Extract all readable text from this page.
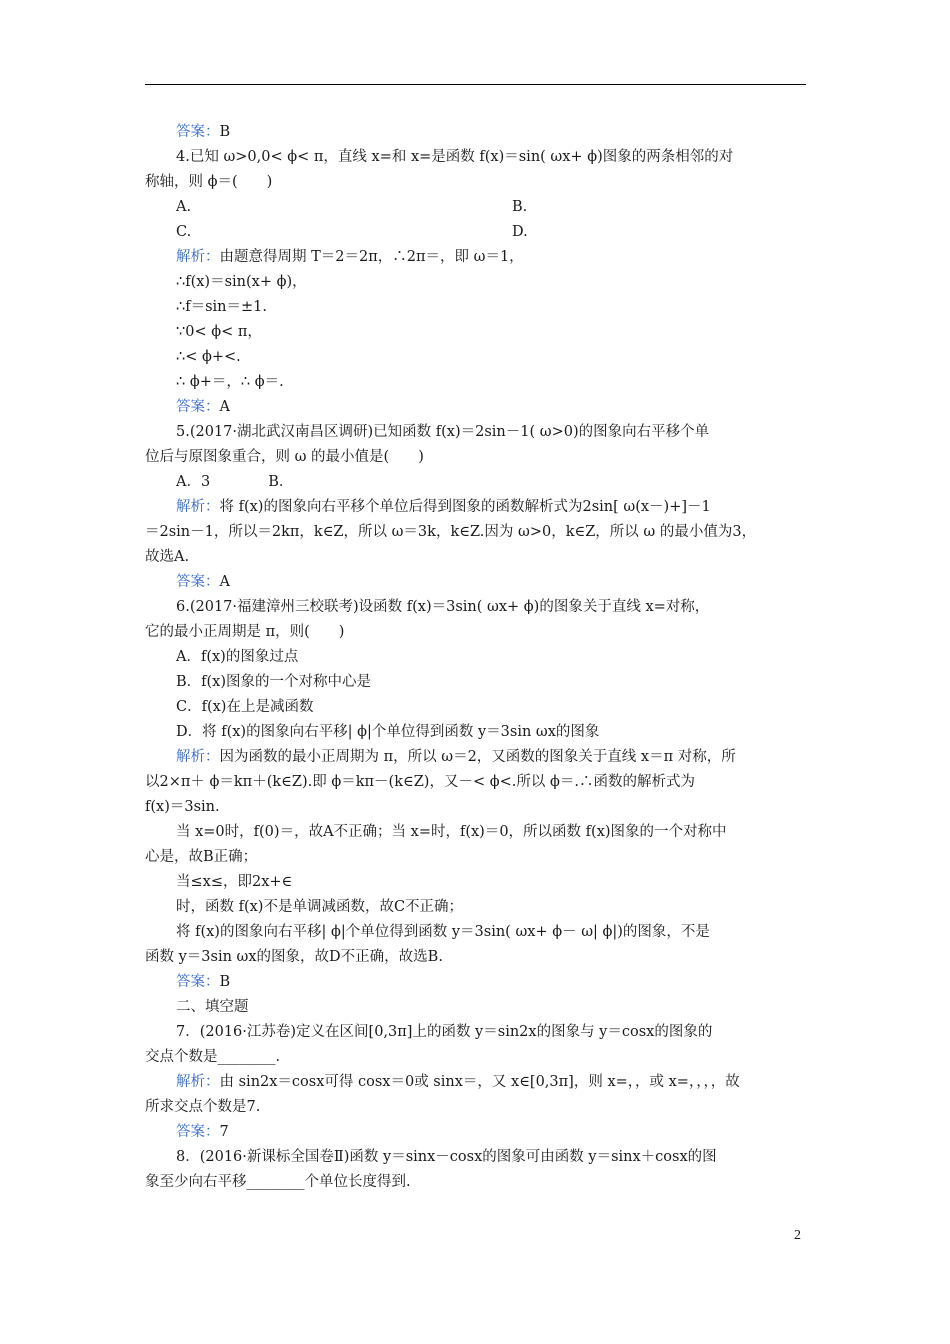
答案：B
4.已知 ω>0,0< ϕ< π，直线 x=和 x=是函数 f(x)＝sin( ωx+ ϕ)图象的两条相邻的对
称轴，则 ϕ＝(　　)
A.	B.
C.	D.
解析：由题意得周期 T＝2＝2π，∴2π＝，即 ω＝1，
∴f(x)＝sin(x+ ϕ)，
∴f＝sin＝±1.
∵0< ϕ< π，
∴< ϕ+<.
∴ ϕ+＝，∴ ϕ＝.
答案：A
5.(2017·湖北武汉南昌区调研)已知函数 f(x)＝2sin－1( ω>0)的图象向右平移个单
位后与原图象重合，则 ω 的最小值是(　　)
A．3　　　　B．
解析：将 f(x)的图象向右平移个单位后得到图象的函数解析式为2sin[ ω(x－)+]－1
＝2sin－1，所以＝2kπ，k∈Z，所以 ω＝3k，k∈Z.因为 ω>0，k∈Z，所以 ω 的最小值为3，
故选A.
答案：A
6.(2017·福建漳州三校联考)设函数 f(x)＝3sin( ωx+ ϕ)的图象关于直线 x=对称，
它的最小正周期是 π，则(　　)
A．f(x)的图象过点
B．f(x)图象的一个对称中心是
C．f(x)在上是减函数
D．将 f(x)的图象向右平移| ϕ|个单位得到函数 y＝3sin ωx的图象
解析：因为函数的最小正周期为 π，所以 ω＝2，又函数的图象关于直线 x＝π 对称，所
以2×π＋ ϕ＝kπ＋(k∈Z).即 ϕ＝kπ－(k∈Z)，又－< ϕ<.所以 ϕ＝.∴函数的解析式为
f(x)＝3sin.
当 x=0时，f(0)＝，故A不正确；当 x=时，f(x)＝0，所以函数 f(x)图象的一个对称中
心是，故B正确；
当≤x≤，即2x+∈
时，函数 f(x)不是单调减函数，故C不正确；
将 f(x)的图象向右平移| ϕ|个单位得到函数 y＝3sin( ωx+ ϕ－ ω| ϕ|)的图象，不是
函数 y＝3sin ωx的图象，故D不正确，故选B.
答案：B
二、填空题
7．(2016·江苏卷)定义在区间[0,3π]上的函数 y＝sin2x的图象与 y＝cosx的图象的
交点个数是________.
解析：由 sin2x＝cosx可得 cosx＝0或 sinx＝，又 x∈[0,3π]，则 x=，，或 x=，，，，故
所求交点个数是7.
答案：7
8．(2016·新课标全国卷Ⅱ)函数 y＝sinx－cosx的图象可由函数 y＝sinx＋cosx的图
象至少向右平移________个单位长度得到.
2
